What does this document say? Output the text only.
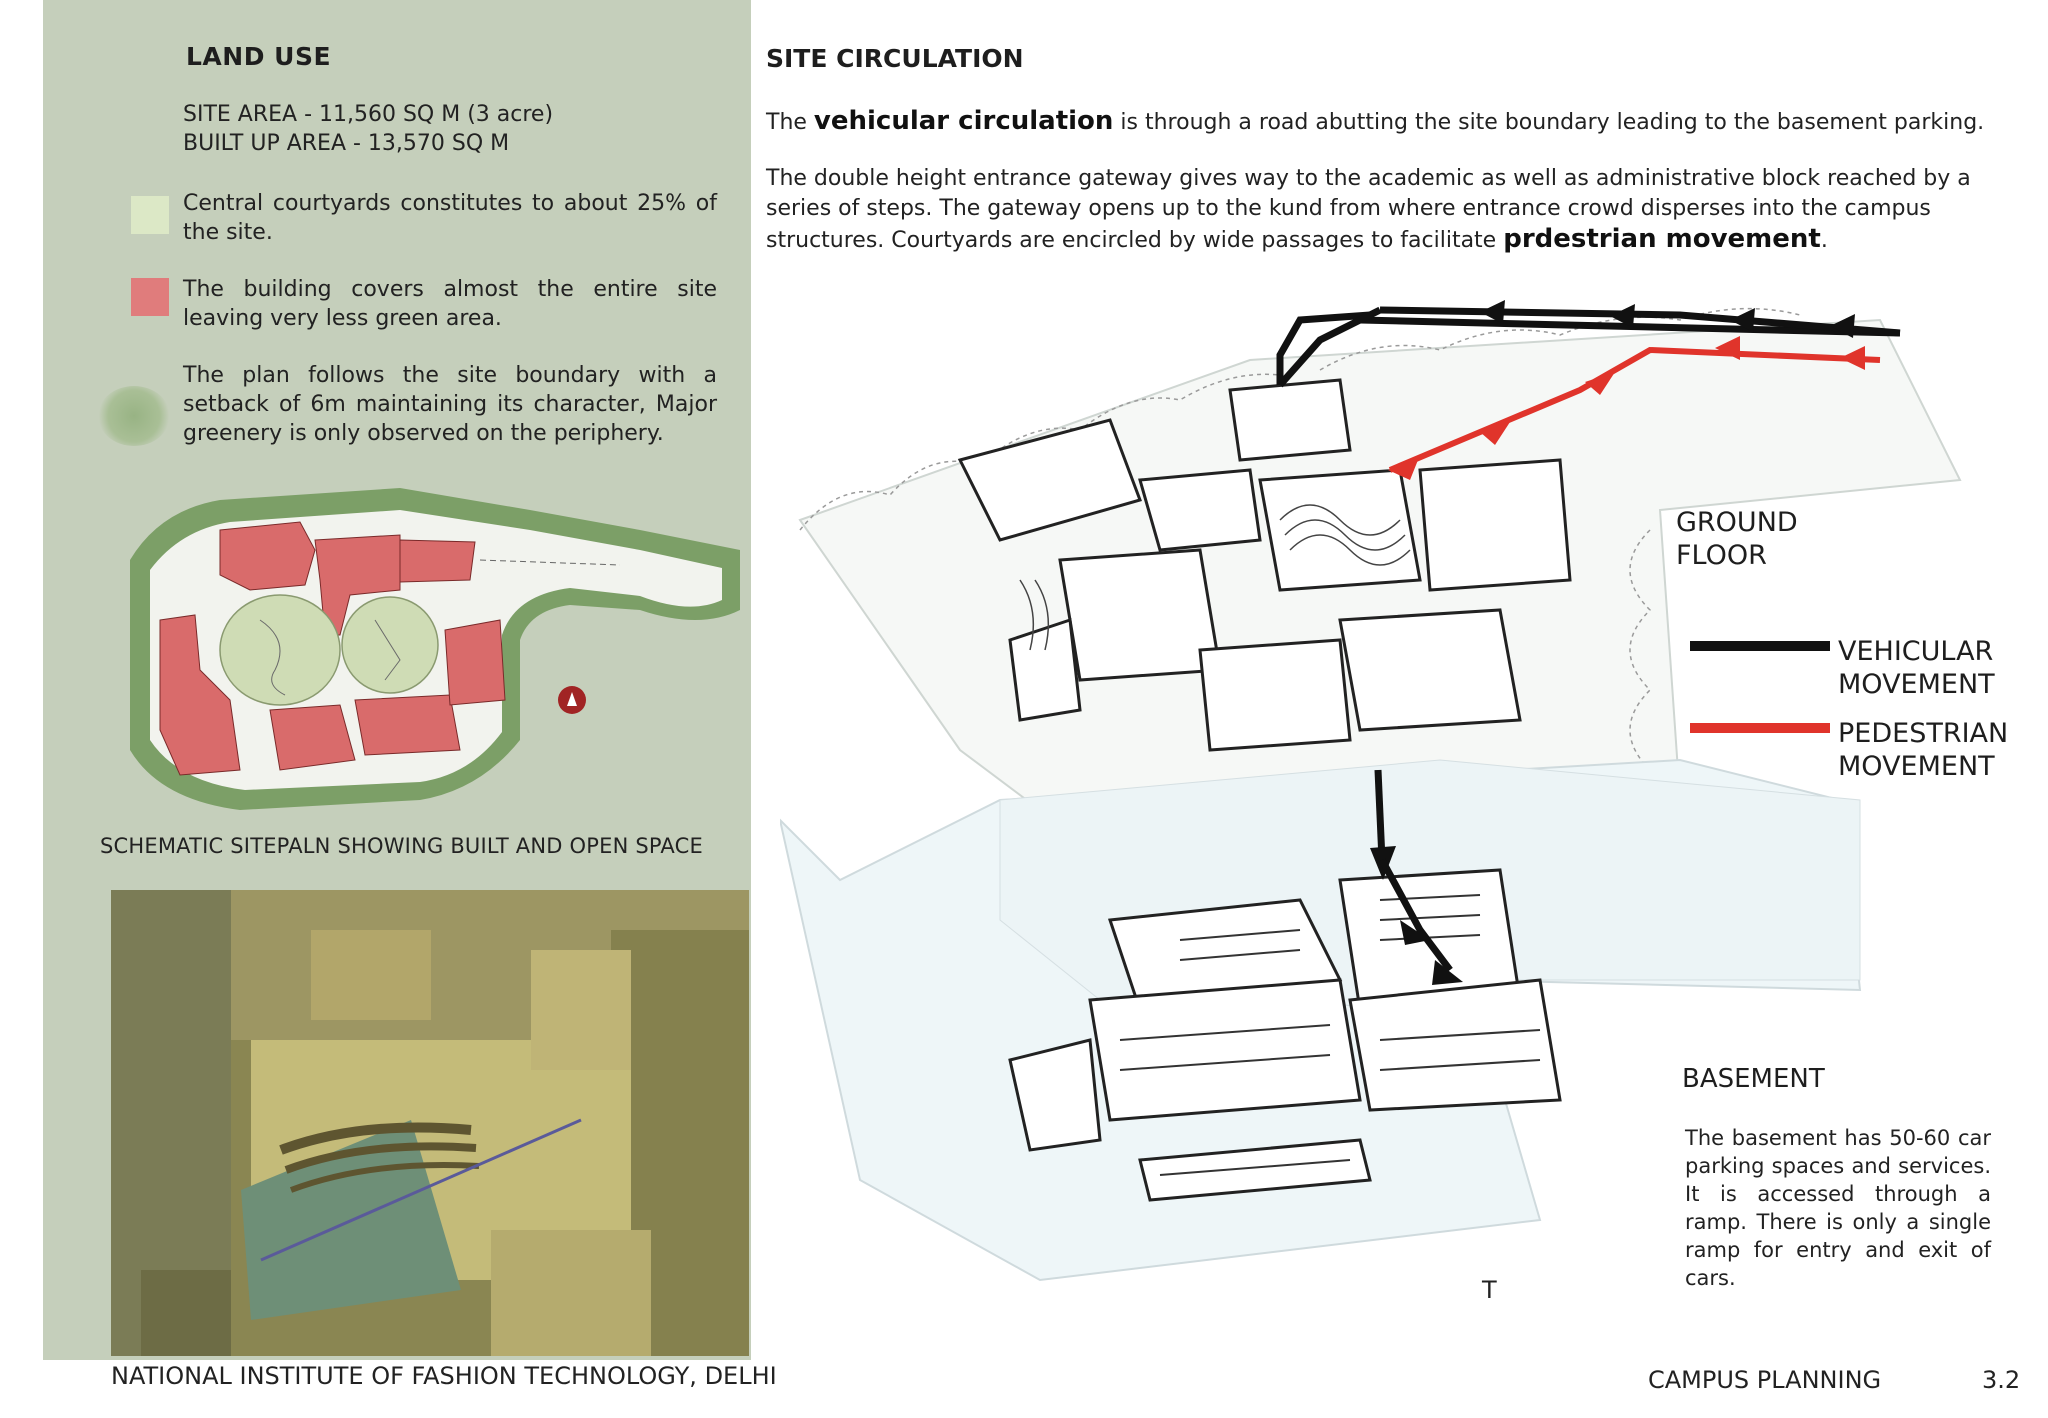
LAND USE
SITE AREA - 11,560 SQ M (3 acre)
BUILT UP AREA - 13,570 SQ M
Central courtyards constitutes to about 25% of the site.
The building covers almost the entire site leaving very less green area.
The plan follows the site boundary with a setback of 6m maintaining its character, Major greenery is only observed on the periphery.
SCHEMATIC SITEPALN SHOWING BUILT AND OPEN SPACE
NATIONAL INSTITUTE OF FASHION TECHNOLOGY, DELHI
SITE CIRCULATION
The vehicular circulation is through a road abutting the site boundary leading to the basement parking.
The double height entrance gateway gives way to the academic as well as administrative block reached by a series of steps. The gateway opens up to the kund from where entrance crowd disperses into the campus structures. Courtyards are encircled by wide passages to facilitate prdestrian movement.
GROUND
FLOOR
VEHICULAR
MOVEMENT
PEDESTRIAN
MOVEMENT
BASEMENT
The basement has 50-60 car parking spaces and services. It is accessed through a ramp. There is only a single ramp for entry and exit of cars.
T
CAMPUS PLANNING	3.2
